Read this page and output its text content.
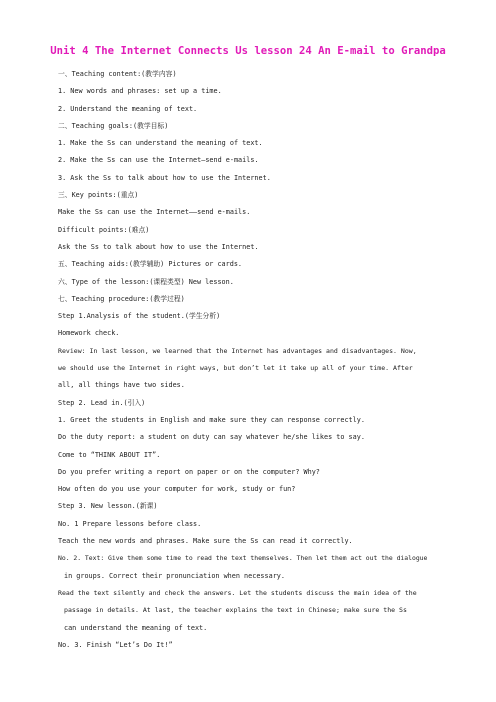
Unit 4 The Internet Connects Us lesson 24 An E-mail to Grandpa
一、Teaching content:(教学内容)
1. New words and phrases: set up a time.
2. Understand the meaning of text.
二、Teaching goals:(教学目标)
1. Make the Ss can understand the meaning of text.
2. Make the Ss can use the Internet—send e-mails.
3. Ask the Ss to talk about how to use the Internet.
三、Key points:(重点)
Make the Ss can use the Internet——send e-mails.
Difficult points:(难点)
Ask the Ss to talk about how to use the Internet.
五、Teaching aids:(教学辅助) Pictures or cards.
六、Type of the lesson:(课程类型) New lesson.
七、Teaching procedure:(教学过程)
Step 1.Analysis of the student.(学生分析)
Homework check.
Review: In last lesson, we learned that the Internet has advantages and disadvantages. Now,
we should use the Internet in right ways, but don’t let it take up all of your time. After
all, all things have two sides.
Step 2. Lead in.(引入)
1. Greet the students in English and make sure they can response correctly.
Do the duty report: a student on duty can say whatever he/she likes to say.
Come to “THINK ABOUT IT”.
Do you prefer writing a report on paper or on the computer? Why?
How often do you use your computer for work, study or fun?
Step 3. New lesson.(新课)
No. 1 Prepare lessons before class.
Teach the new words and phrases. Make sure the Ss can read it correctly.
No. 2. Text: Give them some time to read the text themselves. Then let them act out the dialogue
in groups. Correct their pronunciation when necessary.
Read the text silently and check the answers. Let the students discuss the main idea of the
passage in details. At last, the teacher explains the text in Chinese; make sure the Ss
can understand the meaning of text.
No. 3. Finish “Let’s Do It!”
